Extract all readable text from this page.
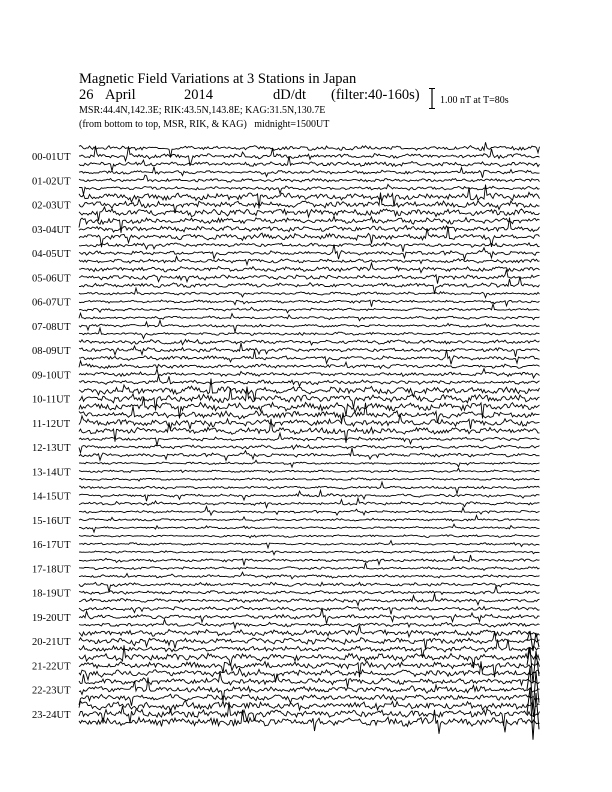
Magnetic Field Variations at 3 Stations in Japan
26 April	2014	dD/dt (filter:40-160s)
MSR:44.4N,142.3E; RIK:43.5N,143.8E; KAG:31.5N,130.7E
(from bottom to top, MSR, RIK, & KAG) midnight=1500UT
1.00 nT at T=80s
00-01UT
01-02UT
02-03UT
03-04UT
04-05UT
05-06UT
06-07UT
07-08UT
08-09UT
09-10UT
10-11UT
11-12UT
12-13UT
13-14UT
14-15UT
15-16UT
16-17UT
17-18UT
18-19UT
19-20UT
20-21UT
21-22UT
22-23UT
23-24UT
